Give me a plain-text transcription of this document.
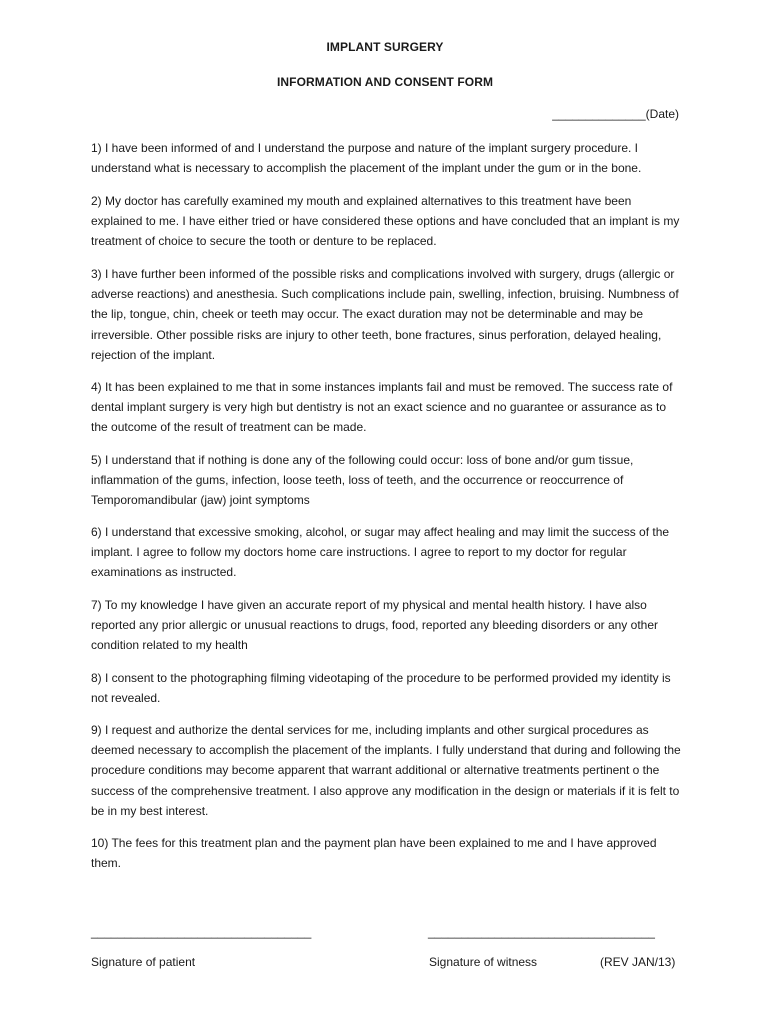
IMPLANT SURGERY
INFORMATION AND CONSENT FORM
______________(Date)
1) I have been informed of and I understand the purpose and nature of the implant surgery procedure. I understand what is necessary to accomplish the placement of the implant under the gum or in the bone.
2) My doctor has carefully examined my mouth and explained alternatives to this treatment have been explained to me. I have either tried or have considered these options and have concluded that an implant is my treatment of choice to secure the tooth or denture to be replaced.
3) I have further been informed of the possible risks and complications involved with surgery, drugs (allergic or adverse reactions) and anesthesia. Such complications include pain, swelling, infection, bruising. Numbness of the lip, tongue, chin, cheek or teeth may occur. The exact duration may not be determinable and may be irreversible. Other possible risks are injury to other teeth, bone fractures, sinus perforation, delayed healing, rejection of the implant.
4) It has been explained to me that in some instances implants fail and must be removed. The success rate of dental implant surgery is very high but dentistry is not an exact science and no guarantee or assurance as to the outcome of the result of treatment can be made.
5) I understand that if nothing is done any of the following could occur: loss of bone and/or gum tissue, inflammation of the gums, infection, loose teeth, loss of teeth, and the occurrence or reoccurrence of Temporomandibular (jaw) joint symptoms
6) I understand that excessive smoking, alcohol, or sugar may affect healing and may limit the success of the implant. I agree to follow my doctors home care instructions. I agree to report to my doctor for regular examinations as instructed.
7) To my knowledge I have given an accurate report of my physical and mental health history. I have also reported any prior allergic or unusual reactions to drugs, food, reported any bleeding disorders or any other condition related to my health
8) I consent to the photographing filming videotaping of the procedure to be performed provided my identity is not revealed.
9) I request and authorize the dental services for me, including implants and other surgical procedures as deemed necessary to accomplish the placement of the implants. I fully understand that during and following the procedure conditions may become apparent that warrant additional or alternative treatments pertinent o the success of the comprehensive treatment. I also approve any modification in the design or materials if it is felt to be in my best interest.
10) The fees for this treatment plan and the payment plan have been explained to me and I have approved them.
_________________________________	__________________________________
Signature of patient	Signature of witness	(REV JAN/13)
